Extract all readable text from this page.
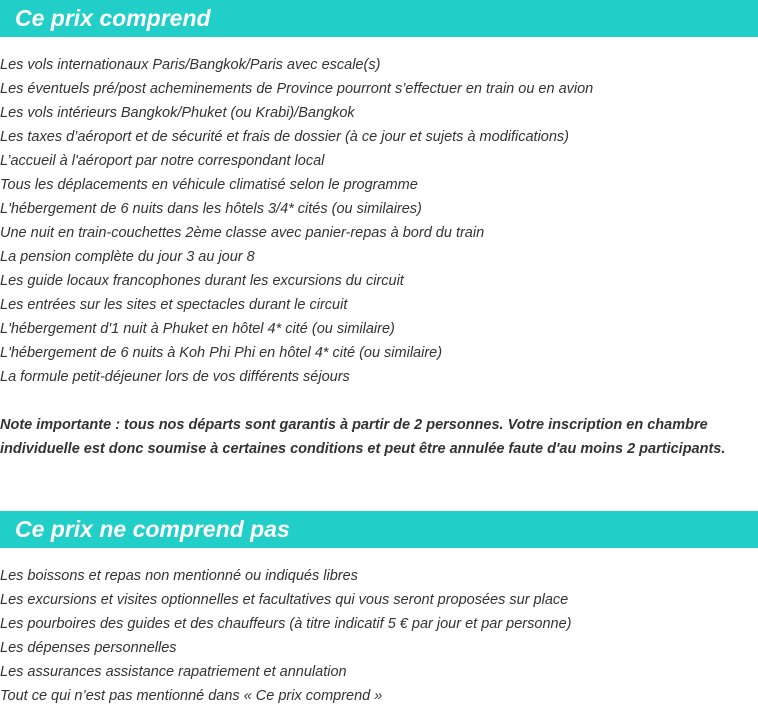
Ce prix comprend
Les vols internationaux Paris/Bangkok/Paris avec escale(s)
Les éventuels pré/post acheminements de Province pourront s’effectuer en train ou en avion
Les vols intérieurs Bangkok/Phuket (ou Krabi)/Bangkok
Les taxes d’aéroport et de sécurité et frais de dossier (à ce jour et sujets à modifications)
L’accueil à l'aéroport par notre correspondant local
Tous les déplacements en véhicule climatisé selon le programme
L'hébergement de 6 nuits dans les hôtels 3/4* cités (ou similaires)
Une nuit en train-couchettes 2ème classe avec panier-repas à bord du train
La pension complète du jour 3 au jour 8
Les guide locaux francophones durant les excursions du circuit
Les entrées sur les sites et spectacles durant le circuit
L'hébergement d'1 nuit à Phuket en hôtel 4* cité (ou similaire)
L'hébergement de 6 nuits à Koh Phi Phi en hôtel 4* cité (ou similaire)
La formule petit-déjeuner lors de vos différents séjours

Note importante : tous nos départs sont garantis à partir de 2 personnes. Votre inscription en chambre
individuelle est donc soumise à certaines conditions et peut être annulée faute d'au moins 2 participants.

Ce prix ne comprend pas
Les boissons et repas non mentionné ou indiqués libres
Les excursions et visites optionnelles et facultatives qui vous seront proposées sur place
Les pourboires des guides et des chauffeurs (à titre indicatif 5 € par jour et par personne)
Les dépenses personnelles
Les assurances assistance rapatriement et annulation
Tout ce qui n’est pas mentionné dans « Ce prix comprend »
